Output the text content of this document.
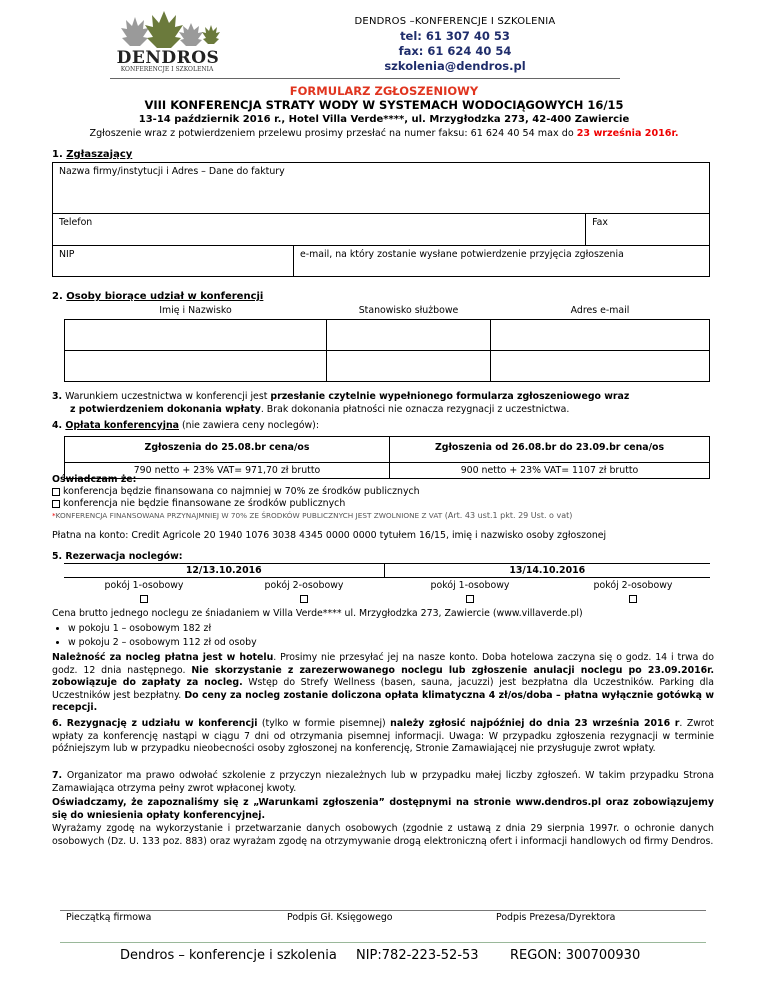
DENDROS
KONFERENCJE I SZKOLENIA
DENDROS –KONFERENCJE I SZKOLENIA
tel: 61 307 40 53
fax: 61 624 40 54
szkolenia@dendros.pl
FORMULARZ ZGŁOSZENIOWY
VIII KONFERENCJA STRATY WODY W SYSTEMACH WODOCIĄGOWYCH 16/15
13-14 październik 2016 r., Hotel Villa Verde****, ul. Mrzygłodzka 273, 42-400 Zawiercie
Zgłoszenie wraz z potwierdzeniem przelewu prosimy przesłać na numer faksu: 61 624 40 54 max do 23 września 2016r.
1. Zgłaszający
Nazwa firmy/instytucji i Adres – Dane do faktury		
Telefon		Fax
NIP	e-mail, na który zostanie wysłane potwierdzenie przyjęcia zgłoszenia	
2. Osoby biorące udział w konferencji
Imię i Nazwisko	Stanowisko służbowe	Adres e-mail

3. Warunkiem uczestnictwa w konferencji jest przesłanie czytelnie wypełnionego formularza zgłoszeniowego wraz
z potwierdzeniem dokonania wpłaty. Brak dokonania płatności nie oznacza rezygnacji z uczestnictwa.
4. Opłata konferencyjna (nie zawiera ceny noclegów):
Zgłoszenia do 25.08.br cena/os	Zgłoszenia od 26.08.br do 23.09.br cena/os
790 netto + 23% VAT= 971,70 zł brutto	900 netto + 23% VAT= 1107 zł brutto
Oświadczam że:
konferencja będzie finansowana co najmniej w 70% ze środków publicznych
konferencja nie będzie finansowane ze środków publicznych
*KONFERENCJA FINANSOWANA PRZYNAJMNIEJ W 70% ZE ŚRODKÓW PUBLICZNYCH JEST ZWOLNIONE Z VAT (Art. 43 ust.1 pkt. 29 Ust. o vat)
Płatna na konto: Credit Agricole 20 1940 1076 3038 4345 0000 0000 tytułem 16/15, imię i nazwisko osoby zgłoszonej
5. Rezerwacja noclegów:
12/13.10.2016		13/14.10.2016	
pokój 1-osobowy	pokój 2-osobowy	pokój 1-osobowy	pokój 2-osobowy

Cena brutto jednego noclegu ze śniadaniem w Villa Verde**** ul. Mrzygłodzka 273, Zawiercie (www.villaverde.pl)
• w pokoju 1 – osobowym 182 zł
• w pokoju 2 – osobowym 112 zł od osoby
Należność za nocleg płatna jest w hotelu. Prosimy nie przesyłać jej na nasze konto. Doba hotelowa zaczyna się o godz. 14 i trwa do godz. 12 dnia następnego. Nie skorzystanie z zarezerwowanego noclegu lub zgłoszenie anulacji noclegu po 23.09.2016r. zobowiązuje do zapłaty za nocleg. Wstęp do Strefy Wellness (basen, sauna, jacuzzi) jest bezpłatna dla Uczestników. Parking dla Uczestników jest bezpłatny. Do ceny za nocleg zostanie doliczona opłata klimatyczna 4 zł/os/doba – płatna wyłącznie gotówką w recepcji.
6. Rezygnację z udziału w konferencji (tylko w formie pisemnej) należy zgłosić najpóźniej do dnia 23 września 2016 r. Zwrot wpłaty za konferencję nastąpi w ciągu 7 dni od otrzymania pisemnej informacji. Uwaga: W przypadku zgłoszenia rezygnacji w terminie późniejszym lub w przypadku nieobecności osoby zgłoszonej na konferencję, Stronie Zamawiającej nie przysługuje zwrot wpłaty.
7. Organizator ma prawo odwołać szkolenie z przyczyn niezależnych lub w przypadku małej liczby zgłoszeń. W takim przypadku Strona Zamawiająca otrzyma pełny zwrot wpłaconej kwoty.
Oświadczamy, że zapoznaliśmy się z „Warunkami zgłoszenia” dostępnymi na stronie www.dendros.pl oraz zobowiązujemy się do wniesienia opłaty konferencyjnej.
Wyrażamy zgodę na wykorzystanie i przetwarzanie danych osobowych (zgodnie z ustawą z dnia 29 sierpnia 1997r. o ochronie danych osobowych (Dz. U. 133 poz. 883) oraz wyrażam zgodę na otrzymywanie drogą elektroniczną ofert i informacji handlowych od firmy Dendros.
Pieczątką firmowa	Podpis Gł. Księgowego	Podpis Prezesa/Dyrektora
Dendros – konferencje i szkolenia NIP:782-223-52-53 REGON: 300700930
